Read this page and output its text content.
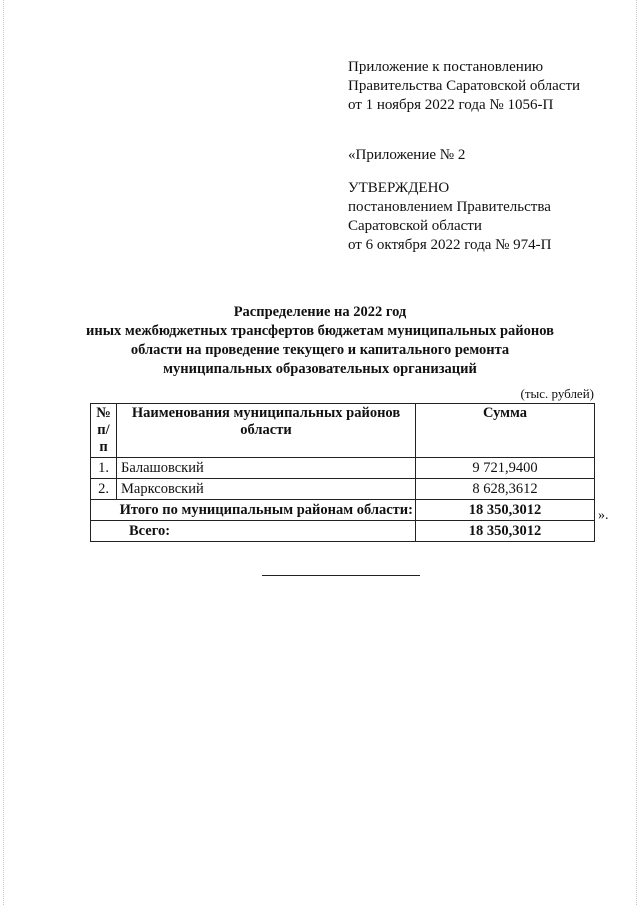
Приложение к постановлению
Правительства Саратовской области
от 1 ноября 2022 года № 1056-П
«Приложение № 2
УТВЕРЖДЕНО
постановлением Правительства
Саратовской области
от 6 октября 2022 года № 974-П
Распределение на 2022 год
иных межбюджетных трансфертов бюджетам муниципальных районов
области на проведение текущего и капитального ремонта
муниципальных образовательных организаций
(тыс. рублей)
№ п/п	Наименования муниципальных районов области	Сумма
1.	Балашовский	9 721,9400
2.	Марксовский	8 628,3612
Итого по муниципальным районам области:		18 350,3012
Всего:		18 350,3012
».
